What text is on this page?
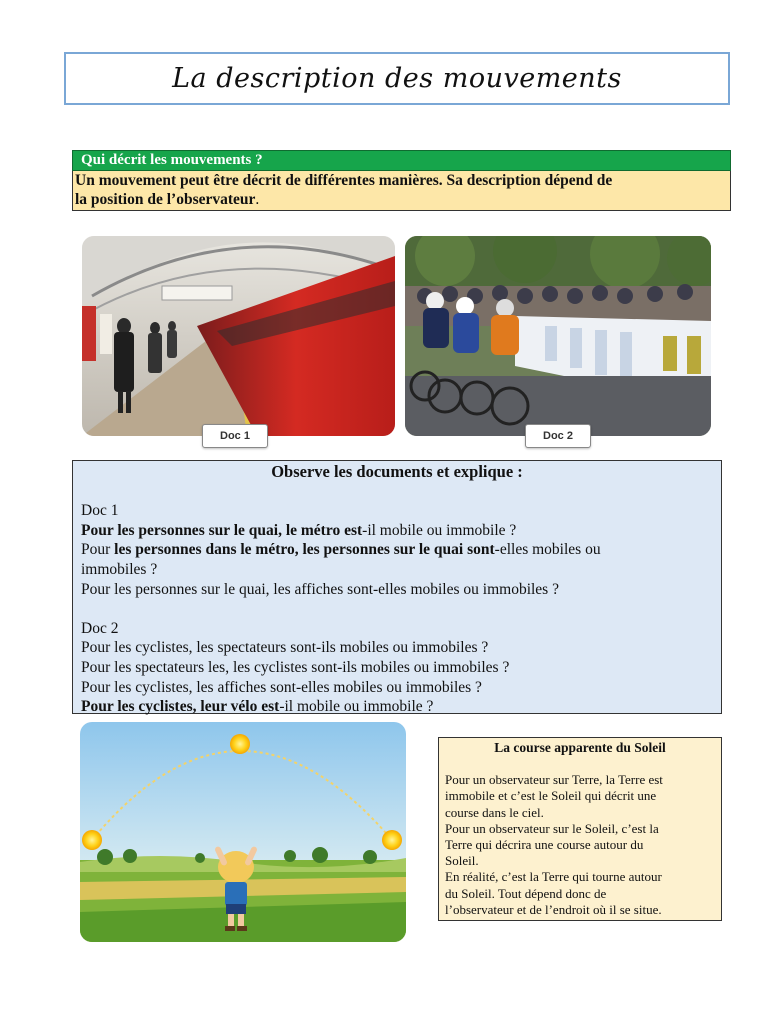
La description des mouvements
Qui décrit les mouvements ?
Un mouvement peut être décrit de différentes manières. Sa description dépend de
la position de l’observateur.
Doc 1	Doc 2
Observe les documents et explique :

Doc 1

Pour les personnes sur le quai, le métro est-il mobile ou immobile ?

Pour les personnes dans le métro, les personnes sur le quai sont-elles mobiles ou

immobiles ?

Pour les personnes sur le quai, les affiches sont-elles mobiles ou immobiles ?

Doc 2

Pour les cyclistes, les spectateurs sont-ils mobiles ou immobiles ?

Pour les spectateurs les, les cyclistes sont-ils mobiles ou immobiles ?

Pour les cyclistes, les affiches sont-elles mobiles ou immobiles ?

Pour les cyclistes, leur vélo est-il mobile ou immobile ?

La course apparente du Soleil
Pour un observateur sur Terre, la Terre est
immobile et c’est le Soleil qui décrit une
course dans le ciel.
Pour un observateur sur le Soleil, c’est la
Terre qui décrira une course autour du
Soleil.
En réalité, c’est la Terre qui tourne autour
du Soleil. Tout dépend donc de
l’observateur et de l’endroit où il se situe.
